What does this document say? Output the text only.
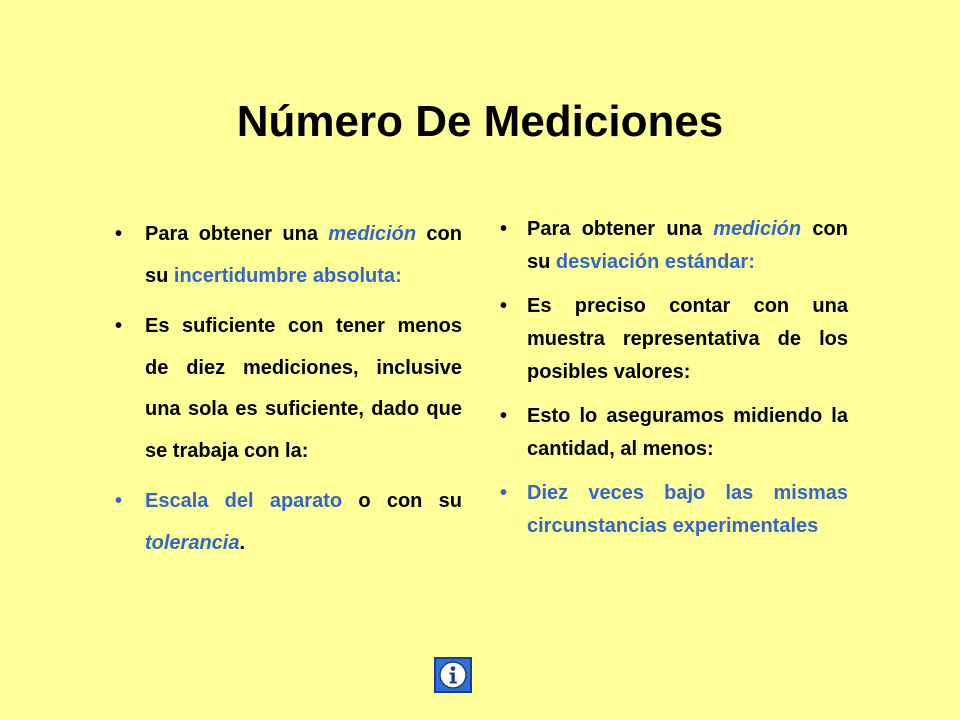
Número De Mediciones
• Para obtener una medición con su incertidumbre absoluta:
• Es suficiente con tener menos de diez mediciones, inclusive una sola es suficiente, dado que se trabaja con la:
• Escala del aparato o con su tolerancia.
• Para obtener una medición con su desviación estándar:
• Es preciso contar con una muestra representativa de los posibles valores:
• Esto lo aseguramos midiendo la cantidad, al menos:
• Diez veces bajo las mismas circunstancias experimentales
